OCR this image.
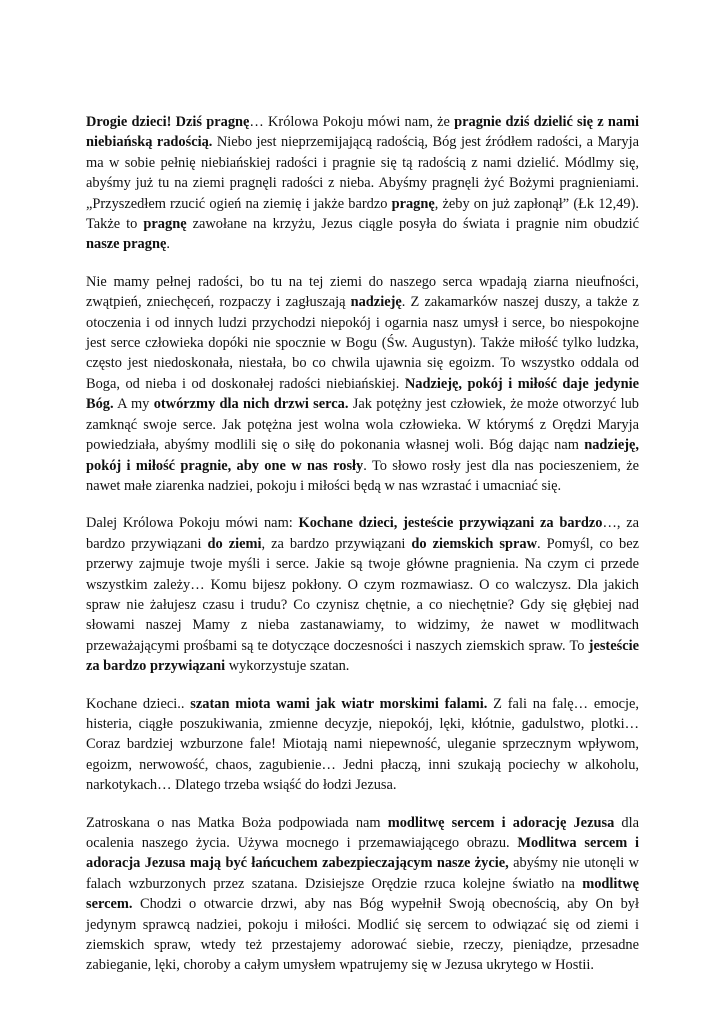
Drogie dzieci! Dziś pragnę… Królowa Pokoju mówi nam, że pragnie dziś dzielić się z nami niebiańską radością. Niebo jest nieprzemijającą radością, Bóg jest źródłem radości, a Maryja ma w sobie pełnię niebiańskiej radości i pragnie się tą radością z nami dzielić. Módlmy się, abyśmy już tu na ziemi pragnęli radości z nieba. Abyśmy pragnęli żyć Bożymi pragnieniami. „Przyszedłem rzucić ogień na ziemię i jakże bardzo pragnę, żeby on już zapłonął” (Łk 12,49). Także to pragnę zawołane na krzyżu, Jezus ciągle posyła do świata i pragnie nim obudzić nasze pragnę.

Nie mamy pełnej radości, bo tu na tej ziemi do naszego serca wpadają ziarna nieufności, zwątpień, zniechęceń, rozpaczy i zagłuszają nadzieję. Z zakamarków naszej duszy, a także z otoczenia i od innych ludzi przychodzi niepokój i ogarnia nasz umysł i serce, bo niespokojne jest serce człowieka dopóki nie spocznie w Bogu (Św. Augustyn). Także miłość tylko ludzka, często jest niedoskonała, niestała, bo co chwila ujawnia się egoizm. To wszystko oddala od Boga, od nieba i od doskonałej radości niebiańskiej. Nadzieję, pokój i miłość daje jedynie Bóg. A my otwórzmy dla nich drzwi serca. Jak potężny jest człowiek, że może otworzyć lub zamknąć swoje serce. Jak potężna jest wolna wola człowieka. W którymś z Orędzi Maryja powiedziała, abyśmy modlili się o siłę do pokonania własnej woli. Bóg dając nam nadzieję, pokój i miłość pragnie, aby one w nas rosły. To słowo rosły jest dla nas pocieszeniem, że nawet małe ziarenka nadziei, pokoju i miłości będą w nas wzrastać i umacniać się.

Dalej Królowa Pokoju mówi nam: Kochane dzieci, jesteście przywiązani za bardzo…, za bardzo przywiązani do ziemi, za bardzo przywiązani do ziemskich spraw. Pomyśl, co bez przerwy zajmuje twoje myśli i serce. Jakie są twoje główne pragnienia. Na czym ci przede wszystkim zależy… Komu bijesz pokłony. O czym rozmawiasz. O co walczysz. Dla jakich spraw nie żałujesz czasu i trudu? Co czynisz chętnie, a co niechętnie? Gdy się głębiej nad słowami naszej Mamy z nieba zastanawiamy, to widzimy, że nawet w modlitwach przeważającymi prośbami są te dotyczące doczesności i naszych ziemskich spraw. To jesteście za bardzo przywiązani wykorzystuje szatan.

Kochane dzieci.. szatan miota wami jak wiatr morskimi falami. Z fali na falę… emocje, histeria, ciągłe poszukiwania, zmienne decyzje, niepokój, lęki, kłótnie, gadulstwo, plotki… Coraz bardziej wzburzone fale! Miotają nami niepewność, uleganie sprzecznym wpływom, egoizm, nerwowość, chaos, zagubienie… Jedni płaczą, inni szukają pociechy w alkoholu, narkotykach… Dlatego trzeba wsiąść do łodzi Jezusa.

Zatroskana o nas Matka Boża podpowiada nam modlitwę sercem i adorację Jezusa dla ocalenia naszego życia. Używa mocnego i przemawiającego obrazu. Modlitwa sercem i adoracja Jezusa mają być łańcuchem zabezpieczającym nasze życie, abyśmy nie utonęli w falach wzburzonych przez szatana. Dzisiejsze Orędzie rzuca kolejne światło na modlitwę sercem. Chodzi o otwarcie drzwi, aby nas Bóg wypełnił Swoją obecnością, aby On był jedynym sprawcą nadziei, pokoju i miłości. Modlić się sercem to odwiązać się od ziemi i ziemskich spraw, wtedy też przestajemy adorować siebie, rzeczy, pieniądze, przesadne zabieganie, lęki, choroby a całym umysłem wpatrujemy się w Jezusa ukrytego w Hostii.
